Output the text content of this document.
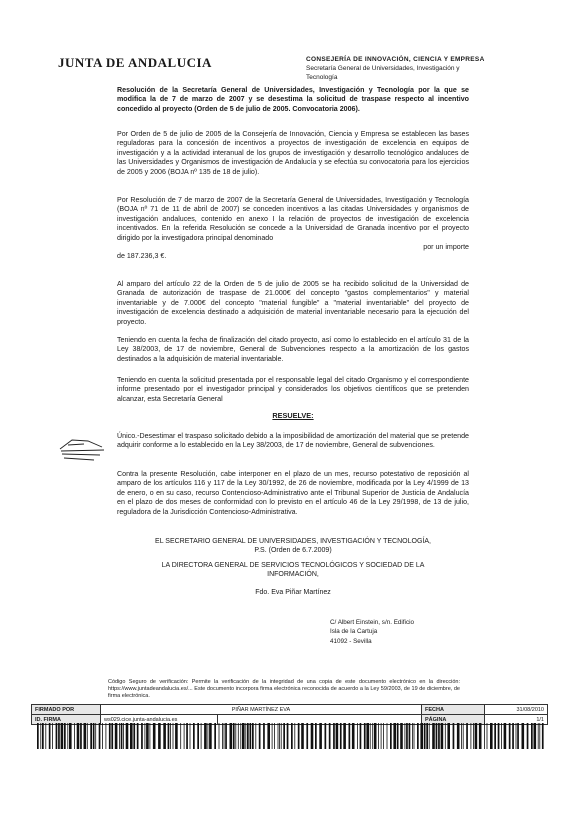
JUNTA DE ANDALUCIA	CONSEJERÍA DE INNOVACIÓN, CIENCIA Y EMPRESA
Secretaría General de Universidades, Investigación y
Tecnología
Resolución de la Secretaría General de Universidades, Investigación y Tecnología por la que se modifica la de 7 de marzo de 2007 y se desestima la solicitud de traspase respecto al incentivo concedido al proyecto (Orden de 5 de julio de 2005. Convocatoria 2006).
Por Orden de 5 de julio de 2005 de la Consejería de Innovación, Ciencia y Empresa se establecen las bases reguladoras para la concesión de incentivos a proyectos de investigación de excelencia en equipos de investigación y a la actividad interanual de los grupos de investigación y desarrollo tecnológico andaluces de las Universidades y Organismos de investigación de Andalucía y se efectúa su convocatoria para los ejercicios de 2005 y 2006 (BOJA nº 135 de 18 de julio).
Por Resolución de 7 de marzo de 2007 de la Secretaría General de Universidades, Investigación y Tecnología (BOJA nº 71 de 11 de abril de 2007) se conceden incentivos a las citadas Universidades y organismos de investigación andaluces, contenido en anexo I la relación de proyectos de investigación de excelencia incentivados. En la referida Resolución se concede a la Universidad de Granada incentivo por el proyecto dirigido por la investigadora principal denominado
por un importe
de 187.236,3 €.
Al amparo del artículo 22 de la Orden de 5 de julio de 2005 se ha recibido solicitud de la Universidad de Granada de autorización de traspase de 21.000€ del concepto "gastos complementarios" y material inventariable y de 7.000€ del concepto "material fungible" a "material inventariable" del proyecto de investigación de excelencia destinado a adquisición de material inventariable necesario para la ejecución del proyecto.
Teniendo en cuenta la fecha de finalización del citado proyecto, así como lo establecido en el artículo 31 de la Ley 38/2003, de 17 de noviembre, General de Subvenciones respecto a la amortización de los gastos destinados a la adquisición de material inventariable.
Teniendo en cuenta la solicitud presentada por el responsable legal del citado Organismo y el correspondiente informe presentado por el investigador principal y considerados los objetivos científicos que se pretenden alcanzar, esta Secretaría General
RESUELVE:
Único.-Desestimar el traspaso solicitado debido a la imposibilidad de amortización del material que se pretende adquirir conforme a lo establecido en la Ley 38/2003, de 17 de noviembre, General de subvenciones.
Contra la presente Resolución, cabe interponer en el plazo de un mes, recurso potestativo de reposición al amparo de los artículos 116 y 117 de la Ley 30/1992, de 26 de noviembre, modificada por la Ley 4/1999 de 13 de enero, o en su caso, recurso Contencioso-Administrativo ante el Tribunal Superior de Justicia de Andalucía en el plazo de dos meses de conformidad con lo previsto en el artículo 46 de la Ley 29/1998, de 13 de julio, reguladora de la Jurisdicción Contencioso-Administrativa.
EL SECRETARIO GENERAL DE UNIVERSIDADES, INVESTIGACIÓN Y TECNOLOGÍA,
P.S. (Orden de 6.7.2009)
LA DIRECTORA GENERAL DE SERVICIOS TECNOLÓGICOS Y SOCIEDAD DE LA
INFORMACIÓN,
Fdo. Eva Piñar Martínez
C/ Albert Einstein, s/n. Edificio
Isla de la Cartuja
41092 - Sevilla
Código Seguro de verificación: Permite la verificación de la integridad de una copia de este documento electrónico en la dirección: https://www.juntadeandalucia.es/... Este documento incorpora firma electrónica reconocida de acuerdo a la Ley 59/2003, de 19 de diciembre, de firma electrónica.
FIRMADO POR	PIÑAR MARTÍNEZ EVA		FECHA	31/08/2010
ID. FIRMA	ws029.cice.junta-andalucia.es		PÁGINA	1/1
